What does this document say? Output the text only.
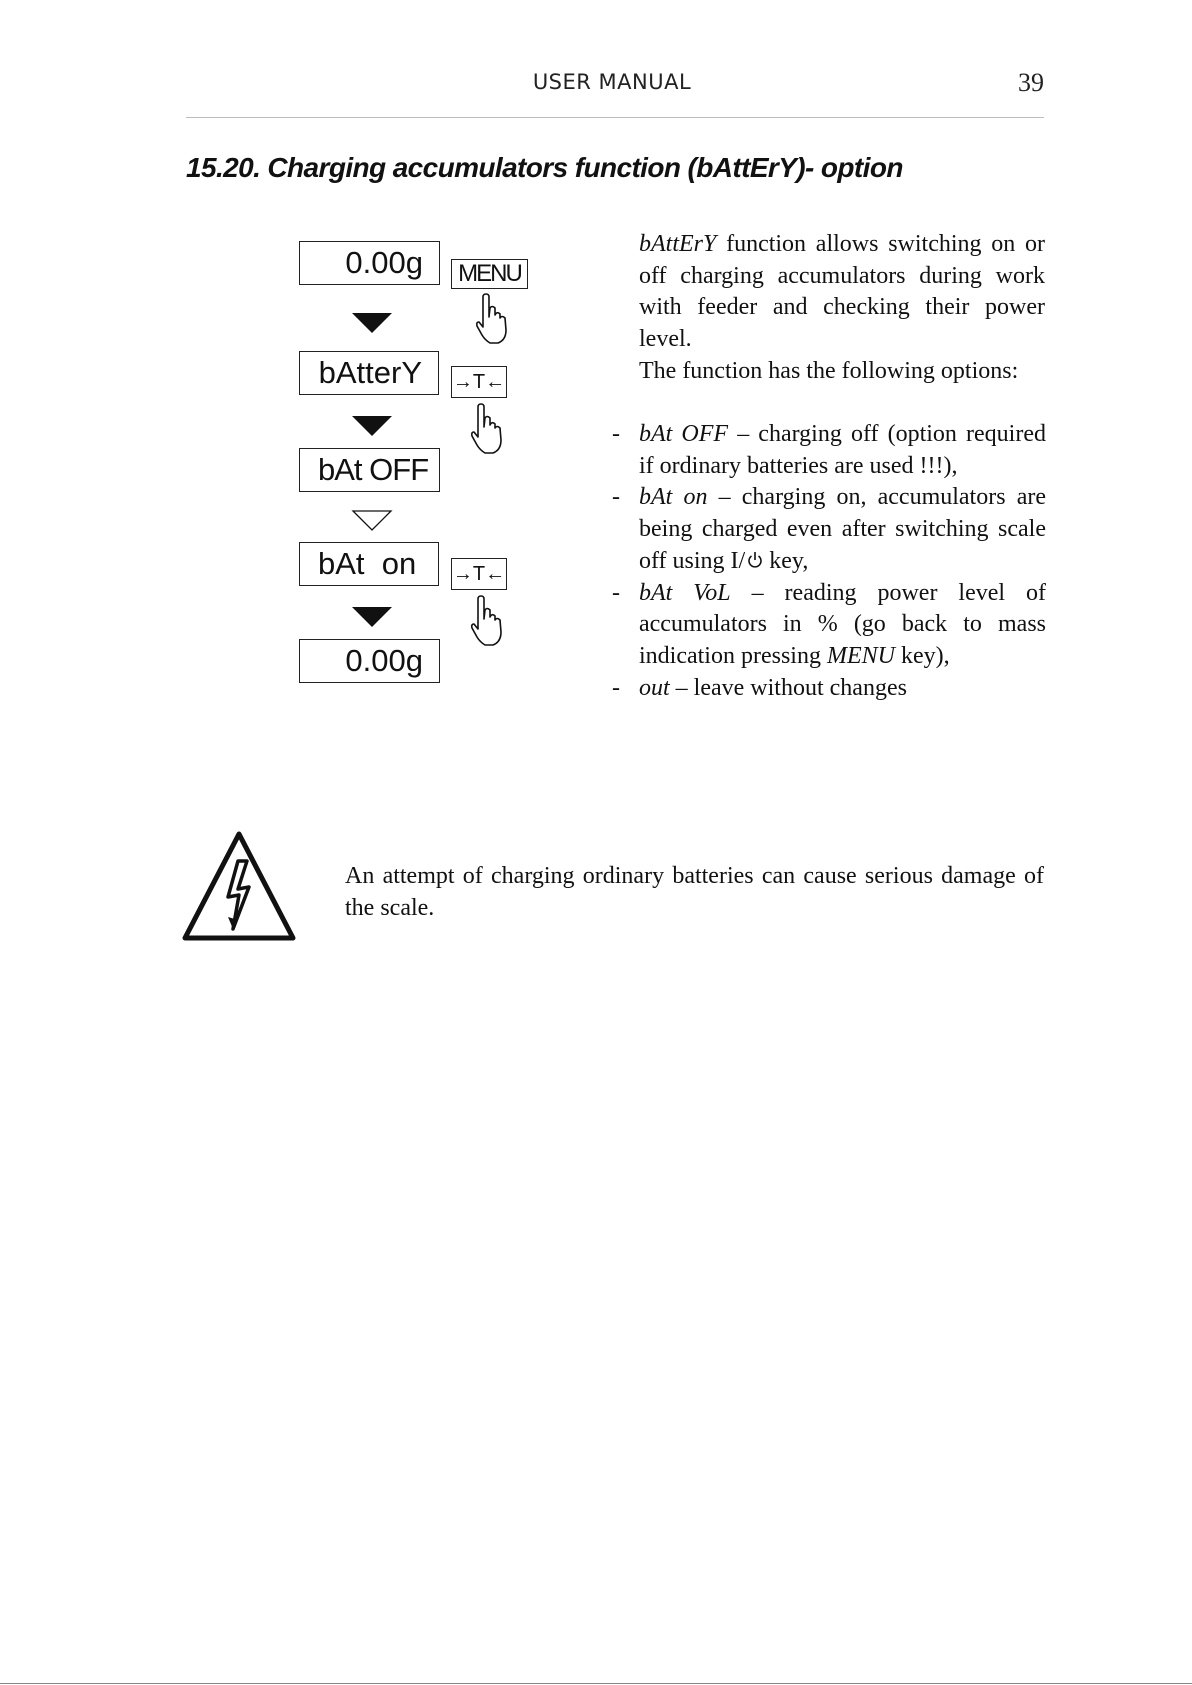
USER MANUAL	39
15.20. Charging accumulators function (bAttErY)- option
0.00g	MENU
bAtterY	→T←
bAt OFF
bAt  on	→T←
0.00g

bAttErY function allows switching on or off charging accumulators during work with feeder and checking their power level.

The function has the following options:

- bAt OFF – charging off (option required if ordinary batteries are used !!!),
- bAt on – charging on, accumulators are being charged even after switching scale off using I/ key,
- bAt VoL – reading power level of accumulators in % (go back to mass indication pressing MENU key),
- out – leave without changes
An attempt of charging ordinary batteries can cause serious damage of the scale.
